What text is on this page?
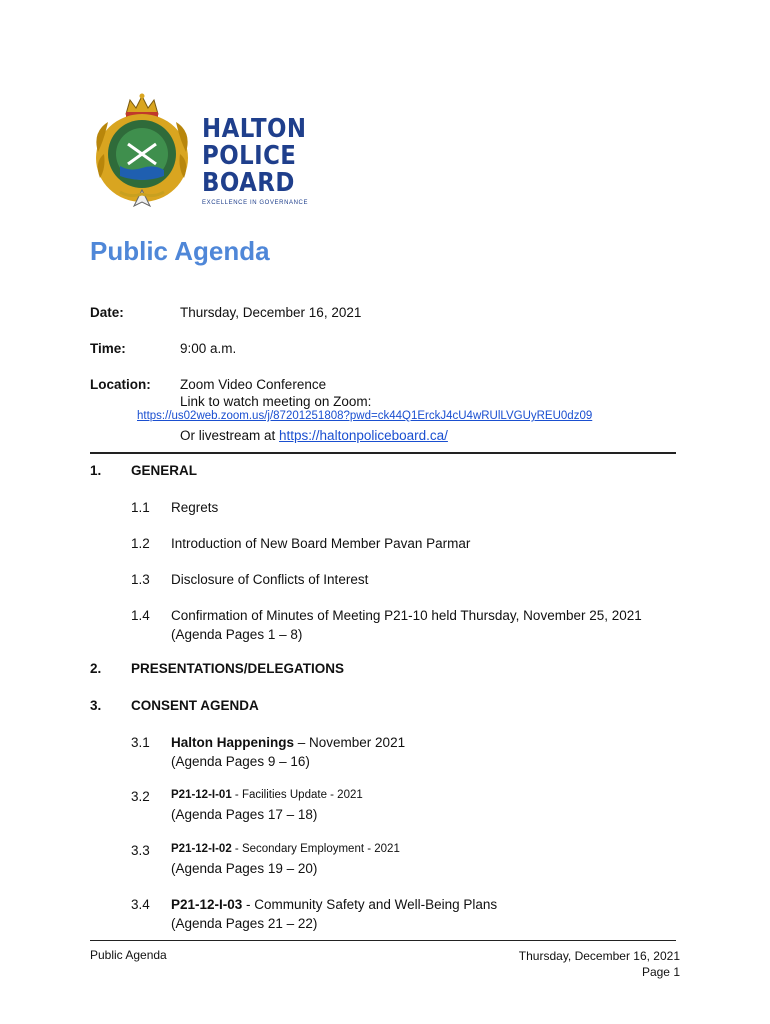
HALTON
POLICE
BOARD
EXCELLENCE IN GOVERNANCE
Public Agenda
Date:	Thursday, December 16, 2021
Time:	9:00 a.m.
Location: Zoom Video Conference
Link to watch meeting on Zoom:
https://us02web.zoom.us/j/87201251808?pwd=ck44Q1ErckJ4cU4wRUlLVGUyREU0dz09
Or livestream at https://haltonpoliceboard.ca/
1. GENERAL
1.1 Regrets
1.2 Introduction of New Board Member Pavan Parmar
1.3 Disclosure of Conflicts of Interest
1.4 Confirmation of Minutes of Meeting P21-10 held Thursday, November 25, 2021
(Agenda Pages 1 – 8)
2. PRESENTATIONS/DELEGATIONS
3. CONSENT AGENDA
3.1 Halton Happenings – November 2021
(Agenda Pages 9 – 16)
3.2 P21-12-I-01 - Facilities Update - 2021
(Agenda Pages 17 – 18)
3.3 P21-12-I-02 - Secondary Employment - 2021
(Agenda Pages 19 – 20)
3.4 P21-12-I-03 - Community Safety and Well-Being Plans
(Agenda Pages 21 – 22)
Public Agenda	Thursday, December 16, 2021
Page 1
